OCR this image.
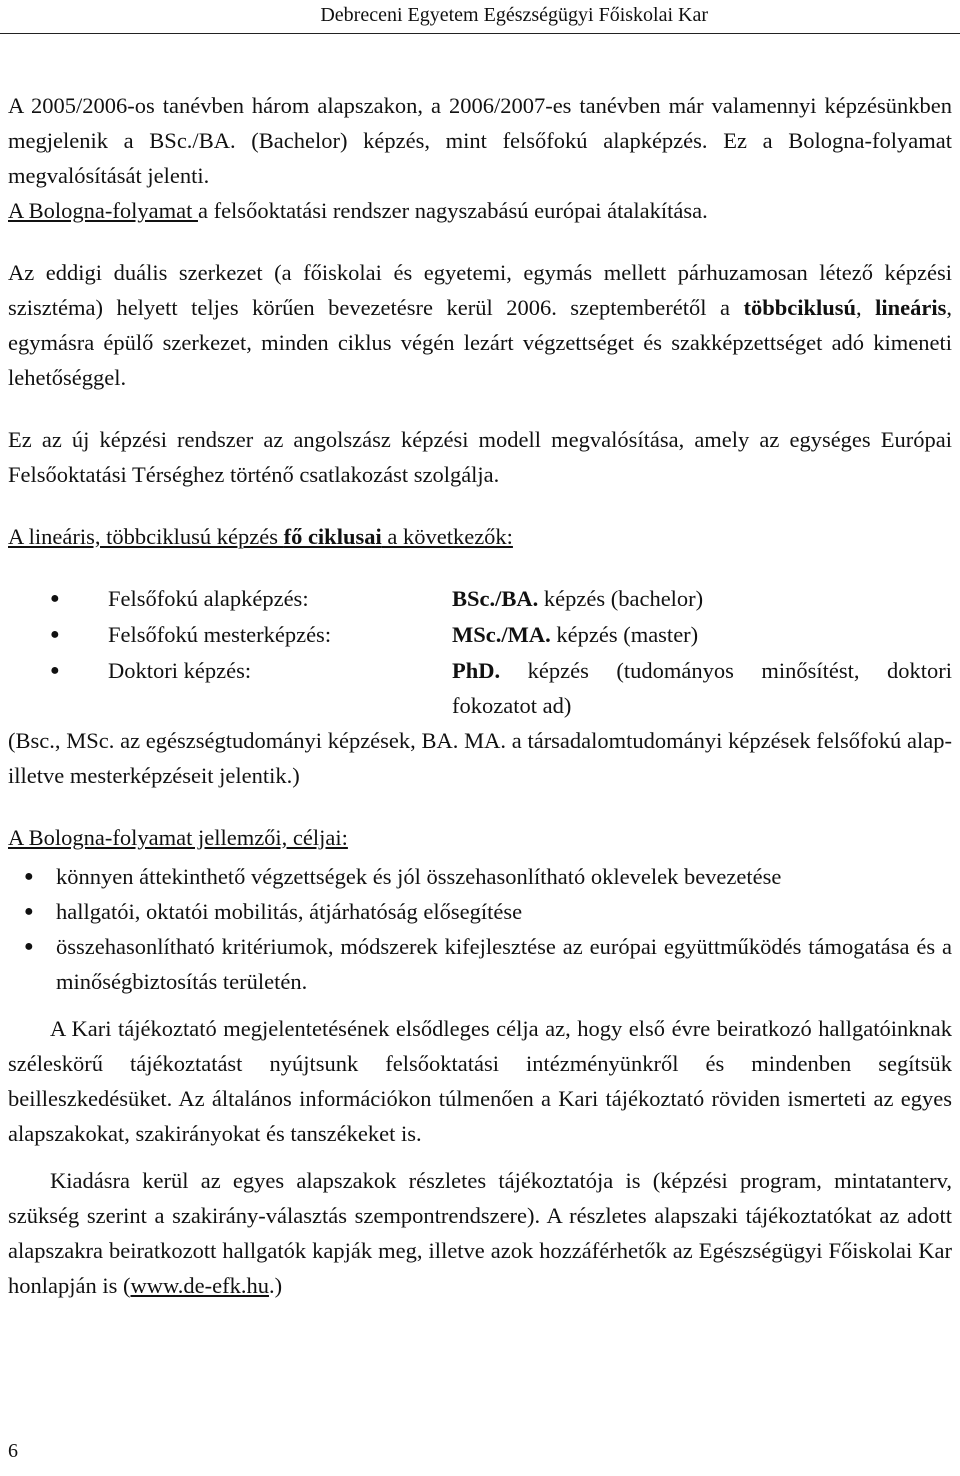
Debreceni Egyetem Egészségügyi Főiskolai Kar

A 2005/2006-os tanévben három alapszakon, a 2006/2007-es tanévben már valamennyi képzésünkben megjelenik a BSc./BA. (Bachelor) képzés, mint felsőfokú alapképzés. Ez a Bologna-folyamat megvalósítását jelenti.
A Bologna-folyamat a felsőoktatási rendszer nagyszabású európai átalakítása.

Az eddigi duális szerkezet (a főiskolai és egyetemi, egymás mellett párhuzamosan létező képzési szisztéma) helyett teljes körűen bevezetésre kerül 2006. szeptemberétől a többciklusú, lineáris, egymásra épülő szerkezet, minden ciklus végén lezárt végzettséget és szakképzettséget adó kimeneti lehetőséggel.

Ez az új képzési rendszer az angolszász képzési modell megvalósítása, amely az egységes Európai Felsőoktatási Térséghez történő csatlakozást szolgálja.

A lineáris, többciklusú képzés fő ciklusai a következők:

● Felsőfokú alapképzés:	BSc./BA. képzés (bachelor)
● Felsőfokú mesterképzés:	MSc./MA. képzés (master)
● Doktori képzés:	PhD. képzés (tudományos minősítést, doktori fokozatot ad)

(Bsc., MSc. az egészségtudományi képzések, BA. MA. a társadalomtudományi képzések felsőfokú alap- illetve mesterképzéseit jelentik.)

A Bologna-folyamat jellemzői, céljai:

● könnyen áttekinthető végzettségek és jól összehasonlítható oklevelek bevezetése
● hallgatói, oktatói mobilitás, átjárhatóság elősegítése
● összehasonlítható kritériumok, módszerek kifejlesztése az európai együttműködés támogatása és a minőségbiztosítás területén.

A Kari tájékoztató megjelentetésének elsődleges célja az, hogy első évre beiratkozó hallgatóinknak széleskörű tájékoztatást nyújtsunk felsőoktatási intézményünkről és mindenben segítsük beilleszkedésüket. Az általános információkon túlmenően a Kari tájékoztató röviden ismerteti az egyes alapszakokat, szakirányokat és tanszékeket is.

Kiadásra kerül az egyes alapszakok részletes tájékoztatója is (képzési program, mintatanterv, szükség szerint a szakirány-választás szempontrendszere). A részletes alapszaki tájékoztatókat az adott alapszakra beiratkozott hallgatók kapják meg, illetve azok hozzáférhetők az Egészségügyi Főiskolai Kar honlapján is (www.de-efk.hu.)

6
